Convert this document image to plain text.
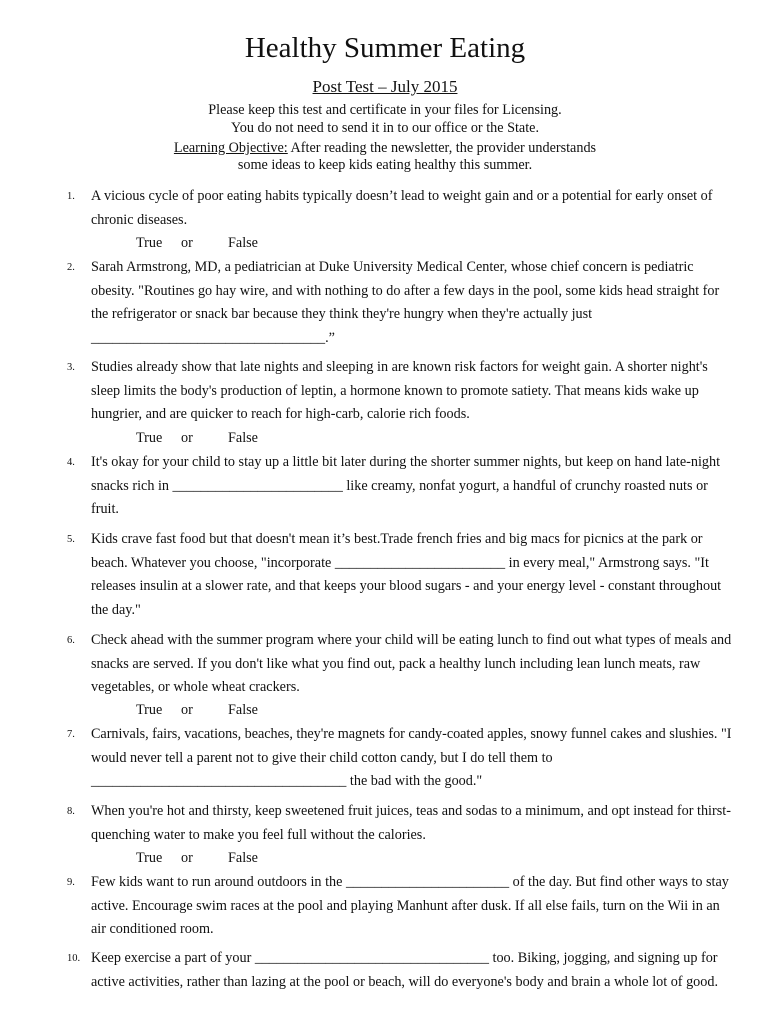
Healthy Summer Eating
Post Test – July 2015
Please keep this test and certificate in your files for Licensing.
You do not need to send it in to our office or the State.
Learning Objective: After reading the newsletter, the provider understands
some ideas to keep kids eating healthy this summer.
1. A vicious cycle of poor eating habits typically doesn’t lead to weight gain and or a potential for early onset of
chronic diseases.
True or False
2. Sarah Armstrong, MD, a pediatrician at Duke University Medical Center, whose chief concern is pediatric
obesity. "Routines go hay wire, and with nothing to do after a few days in the pool, some kids head straight for
the refrigerator or snack bar because they think they're hungry when they're actually just
_________________________________.”
3. Studies already show that late nights and sleeping in are known risk factors for weight gain. A shorter night's
sleep limits the body's production of leptin, a hormone known to promote satiety. That means kids wake up
hungrier, and are quicker to reach for high-carb, calorie rich foods.
True or False
4. It's okay for your child to stay up a little bit later during the shorter summer nights, but keep on hand late-night
snacks rich in ________________________ like creamy, nonfat yogurt, a handful of crunchy roasted nuts or
fruit.
5. Kids crave fast food but that doesn't mean it’s best.Trade french fries and big macs for picnics at the park or
beach. Whatever you choose, "incorporate ________________________ in every meal," Armstrong says. "It
releases insulin at a slower rate, and that keeps your blood sugars - and your energy level - constant throughout
the day."
6. Check ahead with the summer program where your child will be eating lunch to find out what types of meals and
snacks are served. If you don't like what you find out, pack a healthy lunch including lean lunch meats, raw
vegetables, or whole wheat crackers.
True or False
7. Carnivals, fairs, vacations, beaches, they're magnets for candy-coated apples, snowy funnel cakes and slushies. "I
would never tell a parent not to give their child cotton candy, but I do tell them to
____________________________________ the bad with the good."
8. When you're hot and thirsty, keep sweetened fruit juices, teas and sodas to a minimum, and opt instead for thirst-
quenching water to make you feel full without the calories.
True or False
9. Few kids want to run around outdoors in the _______________________ of the day. But find other ways to stay
active. Encourage swim races at the pool and playing Manhunt after dusk. If all else fails, turn on the Wii in an
air conditioned room.
10. Keep exercise a part of your _________________________________ too. Biking, jogging, and signing up for
active activities, rather than lazing at the pool or beach, will do everyone's body and brain a whole lot of good.
